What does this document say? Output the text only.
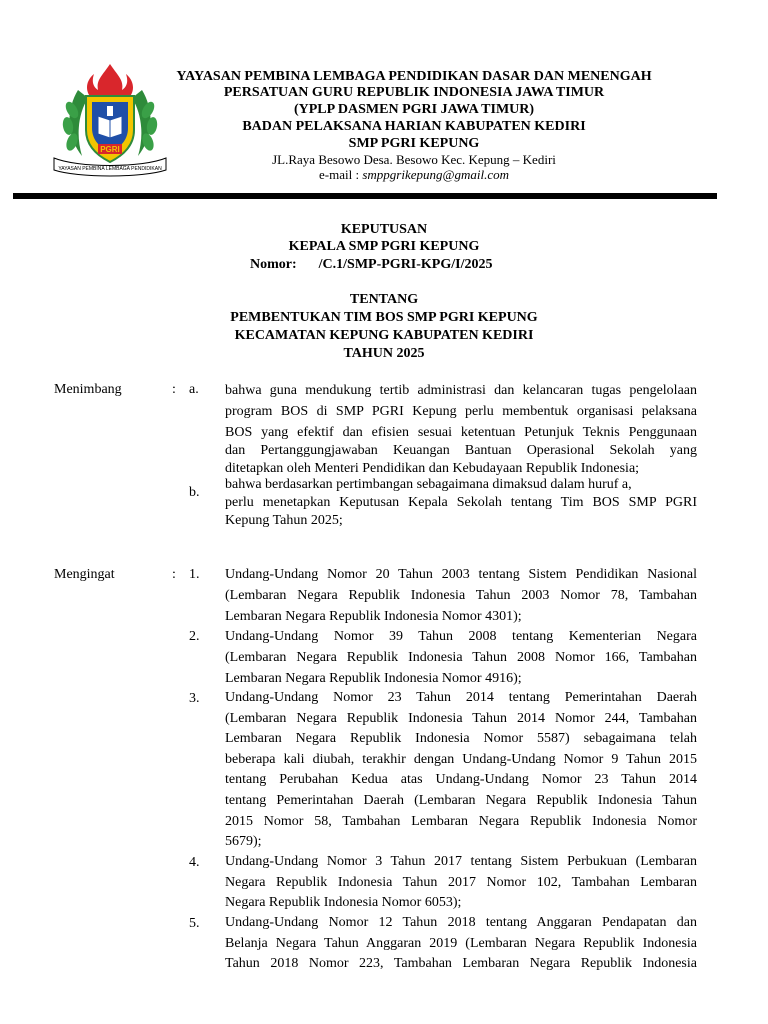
PGRI
YAYASAN PEMBINA LEMBAGA PENDIDIKAN
YAYASAN PEMBINA LEMBAGA PENDIDIKAN DASAR DAN MENENGAH
PERSATUAN GURU REPUBLIK INDONESIA JAWA TIMUR
(YPLP DASMEN PGRI JAWA TIMUR)
BADAN PELAKSANA HARIAN KABUPATEN KEDIRI
SMP PGRI KEPUNG
JL.Raya Besowo Desa. Besowo Kec. Kepung – Kediri
e-mail : smppgrikepung@gmail.com
KEPUTUSAN
KEPALA SMP PGRI KEPUNG
Nomor: /C.1/SMP-PGRI-KPG/I/2025
TENTANG
PEMBENTUKAN TIM BOS SMP PGRI KEPUNG
KECAMATAN KEPUNG KABUPATEN KEDIRI
TAHUN 2025
Menimbang	: a.	bahwa guna mendukung tertib administrasi dan kelancaran tugas pengelolaan

program BOS di SMP PGRI Kepung perlu membentuk organisasi pelaksana

BOS yang efektif dan efisien sesuai ketentuan Petunjuk Teknis Penggunaan

dan Pertanggungjawaban Keuangan Bantuan Operasional Sekolah yang

ditetapkan oleh Menteri Pendidikan dan Kebudayaan Republik Indonesia;

b.

bahwa berdasarkan pertimbangan sebagaimana dimaksud dalam huruf a,

perlu menetapkan Keputusan Kepala Sekolah tentang Tim BOS SMP PGRI

Kepung Tahun 2025;

Mengingat	: 1. Undang-Undang Nomor 20 Tahun 2003 tentang Sistem Pendidikan Nasional

(Lembaran Negara Republik Indonesia Tahun 2003 Nomor 78, Tambahan

Lembaran Negara Republik Indonesia Nomor 4301);

2. Undang-Undang Nomor 39 Tahun 2008 tentang Kementerian Negara

(Lembaran Negara Republik Indonesia Tahun 2008 Nomor 166, Tambahan

Lembaran Negara Republik Indonesia Nomor 4916);

3. Undang-Undang Nomor 23 Tahun 2014 tentang Pemerintahan Daerah

(Lembaran Negara Republik Indonesia Tahun 2014 Nomor 244, Tambahan

Lembaran Negara Republik Indonesia Nomor 5587) sebagaimana telah

beberapa kali diubah, terakhir dengan Undang-Undang Nomor 9 Tahun 2015

tentang Perubahan Kedua atas Undang-Undang Nomor 23 Tahun 2014

tentang Pemerintahan Daerah (Lembaran Negara Republik Indonesia Tahun

2015 Nomor 58, Tambahan Lembaran Negara Republik Indonesia Nomor

5679);

4. Undang-Undang Nomor 3 Tahun 2017 tentang Sistem Perbukuan (Lembaran

Negara Republik Indonesia Tahun 2017 Nomor 102, Tambahan Lembaran

Negara Republik Indonesia Nomor 6053);

5. Undang-Undang Nomor 12 Tahun 2018 tentang Anggaran Pendapatan dan

Belanja Negara Tahun Anggaran 2019 (Lembaran Negara Republik Indonesia

Tahun 2018 Nomor 223, Tambahan Lembaran Negara Republik Indonesia
